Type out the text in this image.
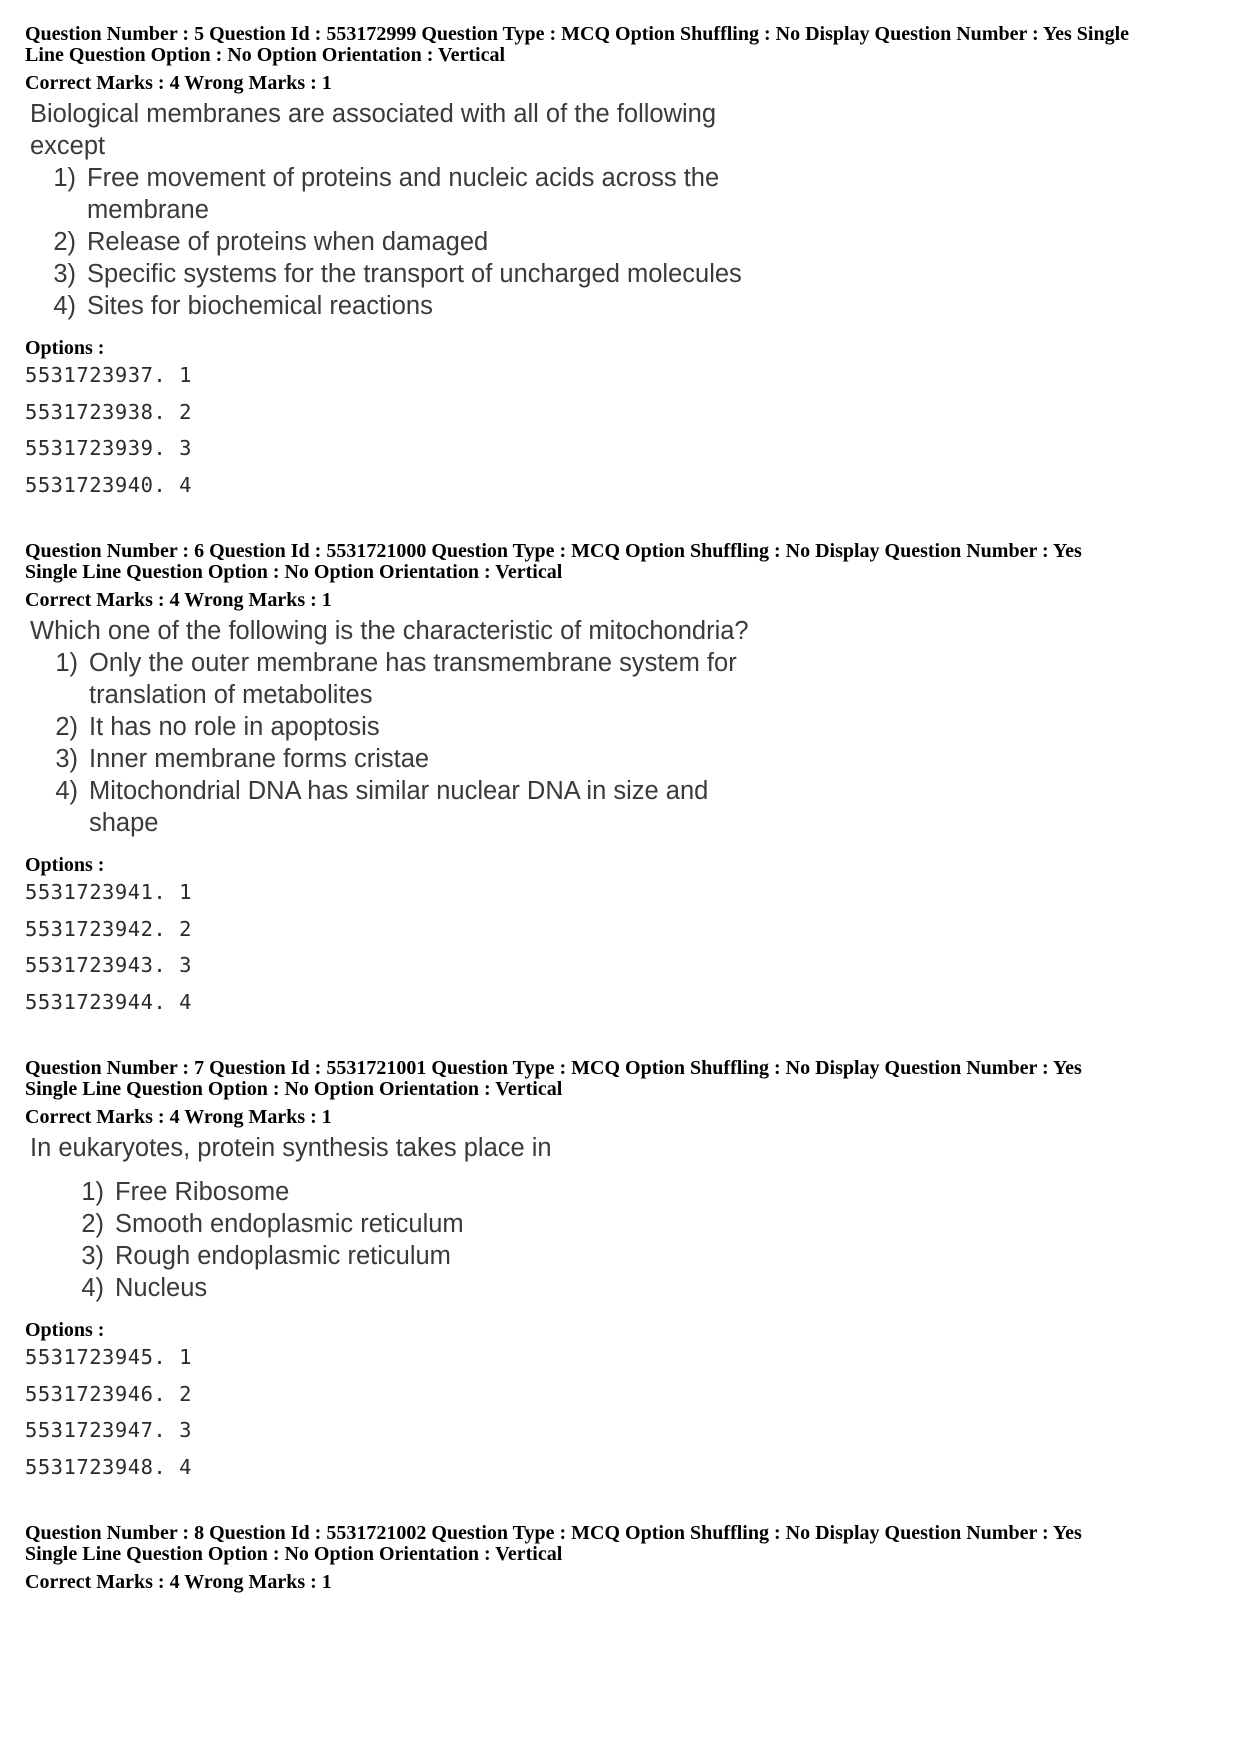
Question Number : 5 Question Id : 553172999 Question Type : MCQ Option Shuffling : No Display Question Number : Yes Single
Line Question Option : No Option Orientation : Vertical
Correct Marks : 4 Wrong Marks : 1
Biological membranes are associated with all of the following except
1) Free movement of proteins and nucleic acids across the membrane
2) Release of proteins when damaged
3) Specific systems for the transport of uncharged molecules
4) Sites for biochemical reactions
Options :
5531723937. 1
5531723938. 2
5531723939. 3
5531723940. 4
Question Number : 6 Question Id : 5531721000 Question Type : MCQ Option Shuffling : No Display Question Number : Yes
Single Line Question Option : No Option Orientation : Vertical
Correct Marks : 4 Wrong Marks : 1
Which one of the following is the characteristic of mitochondria?
1) Only the outer membrane has transmembrane system for translation of metabolites
2) It has no role in apoptosis
3) Inner membrane forms cristae
4) Mitochondrial DNA has similar nuclear DNA in size and shape
Options :
5531723941. 1
5531723942. 2
5531723943. 3
5531723944. 4
Question Number : 7 Question Id : 5531721001 Question Type : MCQ Option Shuffling : No Display Question Number : Yes
Single Line Question Option : No Option Orientation : Vertical
Correct Marks : 4 Wrong Marks : 1
In eukaryotes, protein synthesis takes place in
1) Free Ribosome
2) Smooth endoplasmic reticulum
3) Rough endoplasmic reticulum
4) Nucleus
Options :
5531723945. 1
5531723946. 2
5531723947. 3
5531723948. 4
Question Number : 8 Question Id : 5531721002 Question Type : MCQ Option Shuffling : No Display Question Number : Yes
Single Line Question Option : No Option Orientation : Vertical
Correct Marks : 4 Wrong Marks : 1
